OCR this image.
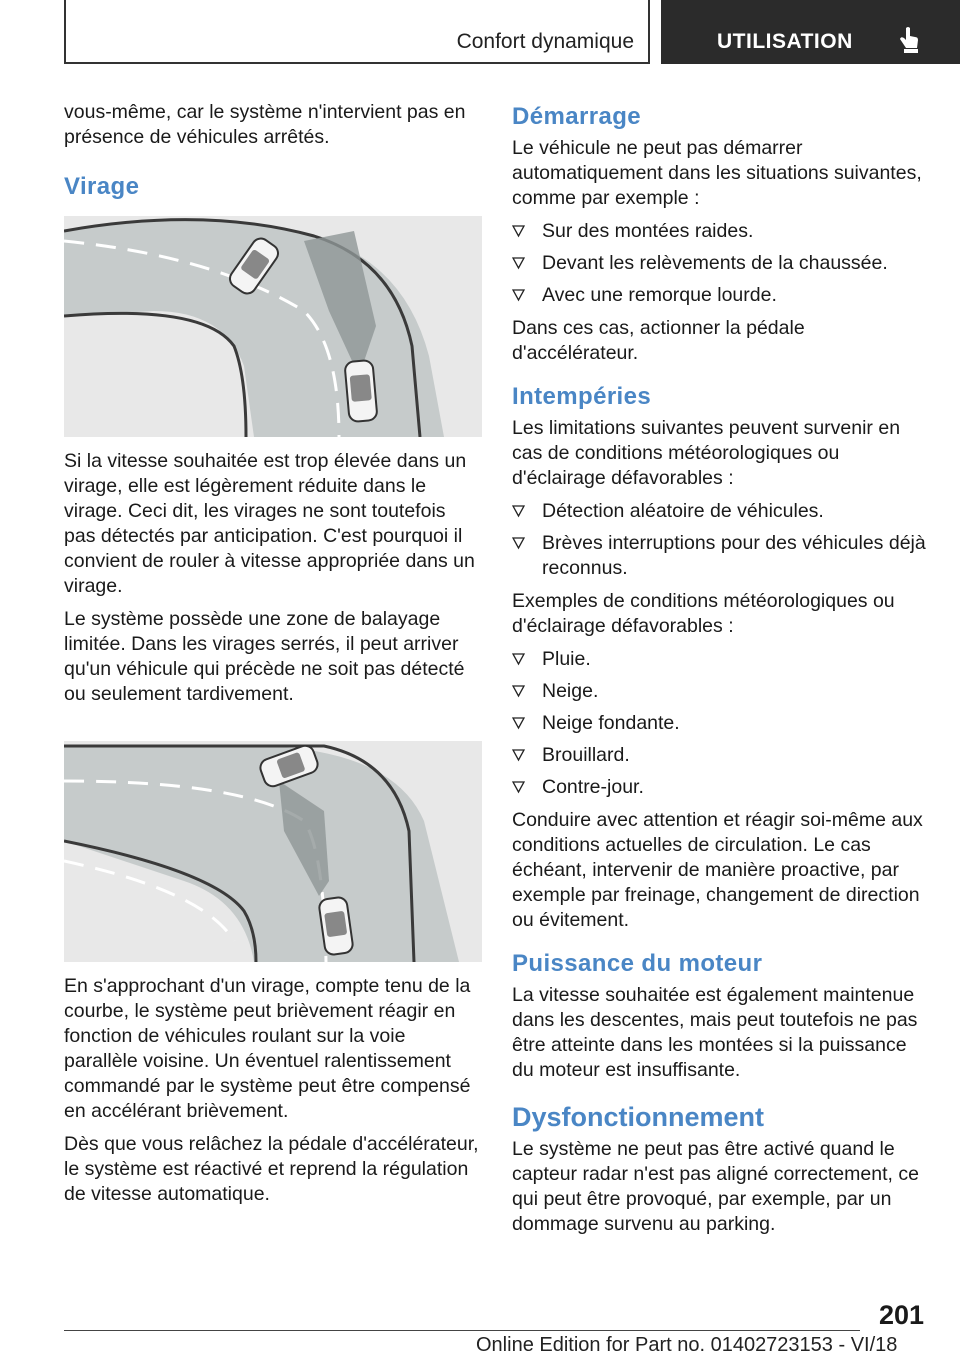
Confort dynamique	UTILISATION

vous-même, car le système n'intervient pas en présence de véhicules arrêtés.

Virage

Si la vitesse souhaitée est trop élevée dans un virage, elle est légèrement réduite dans le virage. Ceci dit, les virages ne sont toutefois pas détectés par anticipation. C'est pourquoi il convient de rouler à vitesse appropriée dans un virage.

Le système possède une zone de balayage limitée. Dans les virages serrés, il peut arriver qu'un véhicule qui précède ne soit pas détecté ou seulement tardivement.

En s'approchant d'un virage, compte tenu de la courbe, le système peut brièvement réagir en fonction de véhicules roulant sur la voie parallèle voisine. Un éventuel ralentissement commandé par le système peut être compensé en accélérant brièvement.

Dès que vous relâchez la pédale d'accélérateur, le système est réactivé et reprend la régulation de vitesse automatique.

Démarrage

Le véhicule ne peut pas démarrer automatiquement dans les situations suivantes, comme par exemple :

Sur des montées raides.
Devant les relèvements de la chaussée.
Avec une remorque lourde.

Dans ces cas, actionner la pédale d'accélérateur.

Intempéries

Les limitations suivantes peuvent survenir en cas de conditions météorologiques ou d'éclairage défavorables :

Détection aléatoire de véhicules.
Brèves interruptions pour des véhicules déjà reconnus.

Exemples de conditions météorologiques ou d'éclairage défavorables :

Pluie.
Neige.
Neige fondante.
Brouillard.
Contre-jour.

Conduire avec attention et réagir soi-même aux conditions actuelles de circulation. Le cas échéant, intervenir de manière proactive, par exemple par freinage, changement de direction ou évitement.

Puissance du moteur

La vitesse souhaitée est également maintenue dans les descentes, mais peut toutefois ne pas être atteinte dans les montées si la puissance du moteur est insuffisante.

Dysfonctionnement

Le système ne peut pas être activé quand le capteur radar n'est pas aligné correctement, ce qui peut être provoqué, par exemple, par un dommage survenu au parking.

201
Online Edition for Part no. 01402723153 - VI/18
